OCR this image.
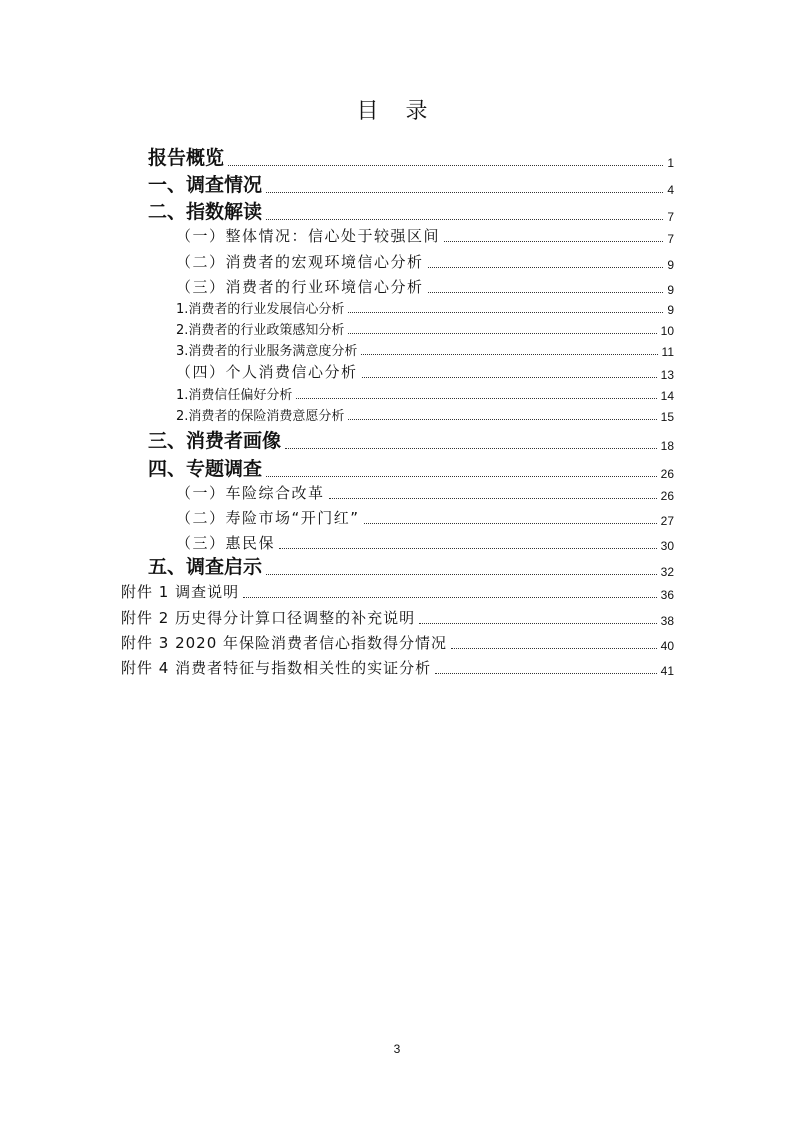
目 录
报告概览	1
一、调查情况	4
二、指数解读	7
（一）整体情况：信心处于较强区间	7
（二）消费者的宏观环境信心分析	9
（三）消费者的行业环境信心分析	9
1.消费者的行业发展信心分析	9
2.消费者的行业政策感知分析	10
3.消费者的行业服务满意度分析	11
（四）个人消费信心分析	13
1.消费信任偏好分析	14
2.消费者的保险消费意愿分析	15
三、消费者画像	18
四、专题调查	26
（一）车险综合改革	26
（二）寿险市场“开门红”	27
（三）惠民保	30
五、调查启示	32
附件 1 调查说明	36
附件 2 历史得分计算口径调整的补充说明	38
附件 3 2020 年保险消费者信心指数得分情况	40
附件 4 消费者特征与指数相关性的实证分析	41
3
